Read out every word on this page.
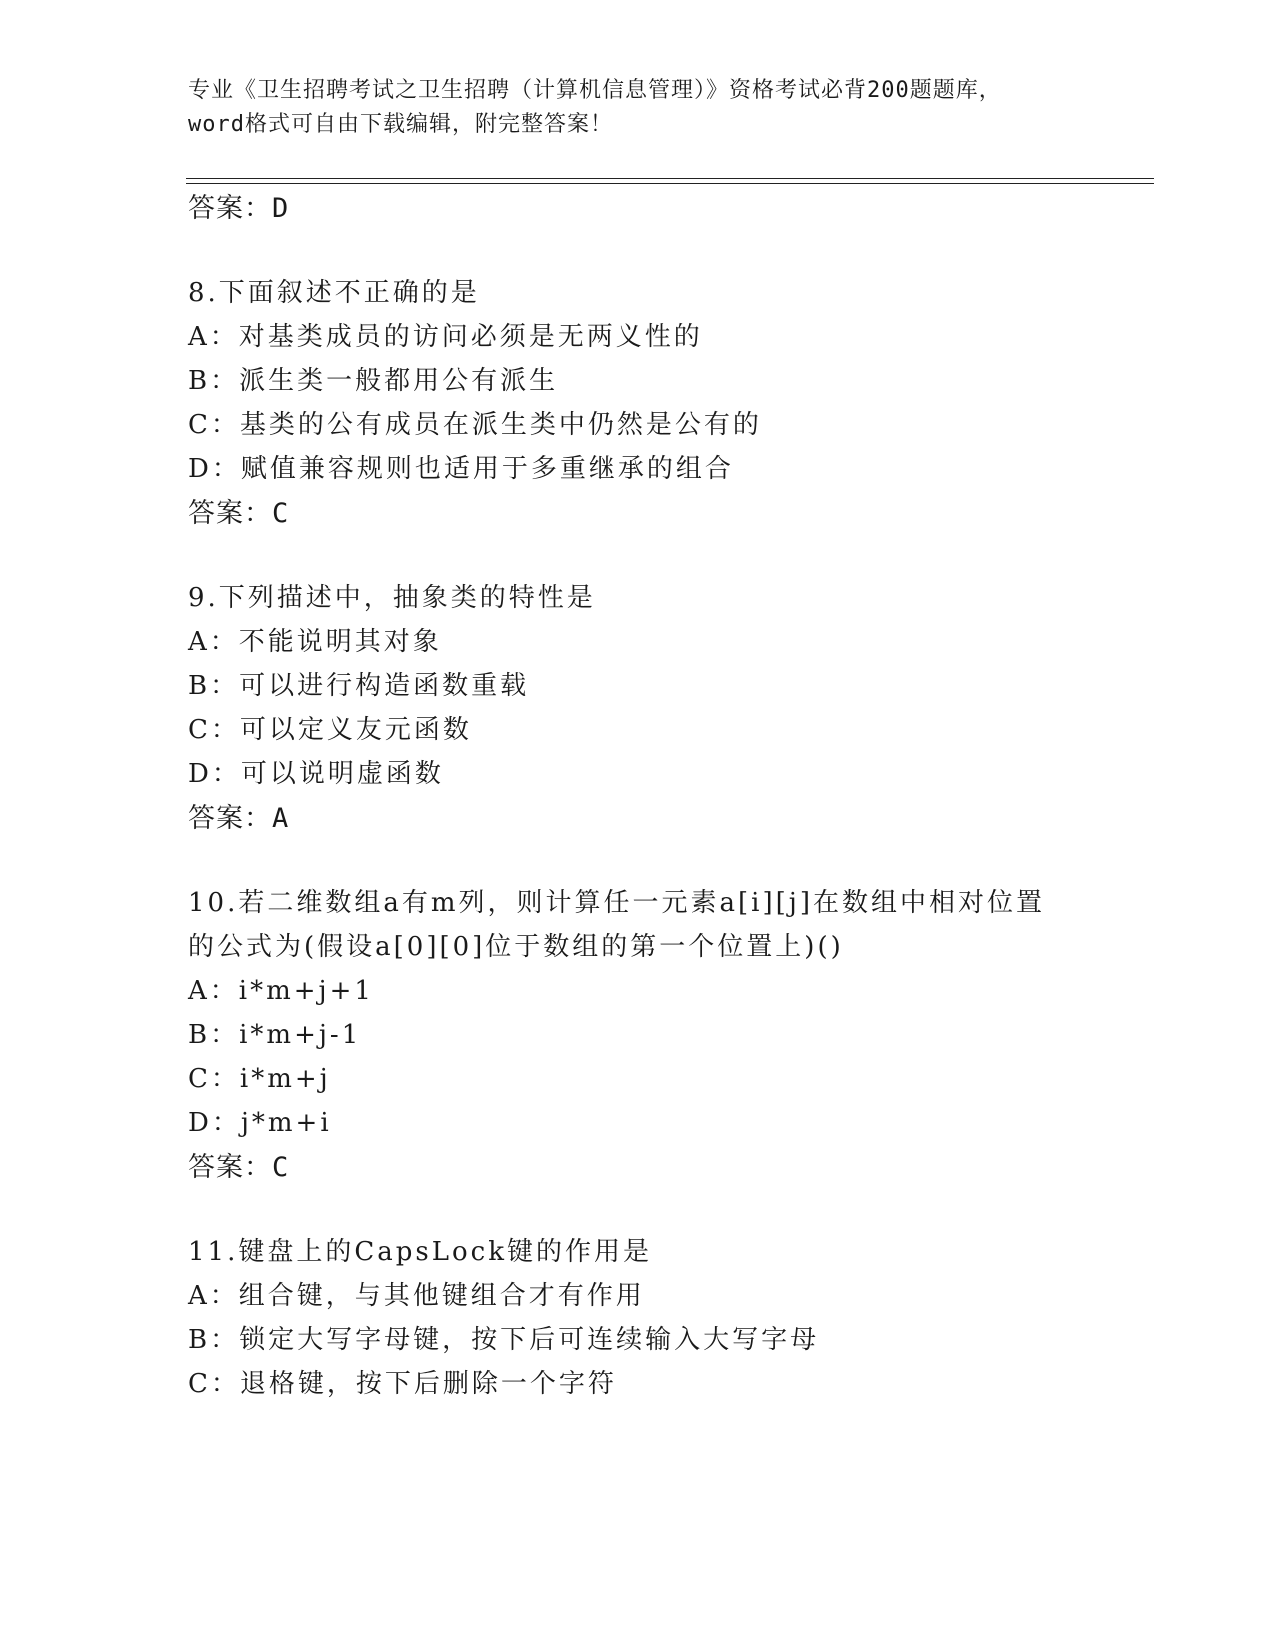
专业《卫生招聘考试之卫生招聘（计算机信息管理）》资格考试必背200题题库，
word格式可自由下载编辑，附完整答案！
答案：D
8.下面叙述不正确的是
A：对基类成员的访问必须是无两义性的
B：派生类一般都用公有派生
C：基类的公有成员在派生类中仍然是公有的
D：赋值兼容规则也适用于多重继承的组合
答案：C
9.下列描述中，抽象类的特性是
A：不能说明其对象
B：可以进行构造函数重载
C：可以定义友元函数
D：可以说明虚函数
答案：A
10.若二维数组a有m列，则计算任一元素a[i][j]在数组中相对位置
的公式为(假设a[0][0]位于数组的第一个位置上)()
A：i*m+j+1
B：i*m+j-1
C：i*m+j
D：j*m+i
答案：C
11.键盘上的CapsLock键的作用是
A：组合键，与其他键组合才有作用
B：锁定大写字母键，按下后可连续输入大写字母
C：退格键，按下后删除一个字符
